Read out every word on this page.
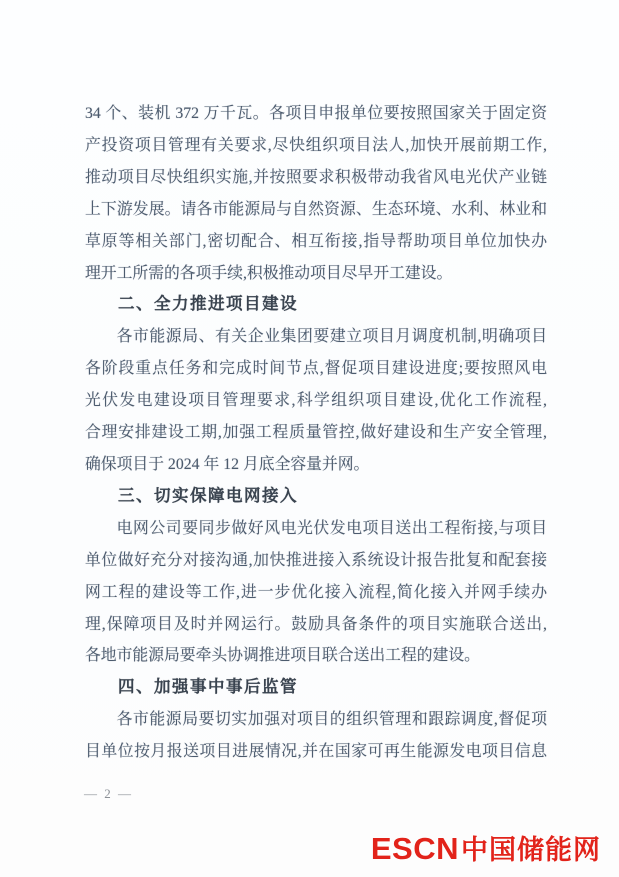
34 个、装机 372 万千瓦。各项目申报单位要按照国家关于固定资
产投资项目管理有关要求,尽快组织项目法人,加快开展前期工作,
推动项目尽快组织实施,并按照要求积极带动我省风电光伏产业链
上下游发展。请各市能源局与自然资源、生态环境、水利、林业和
草原等相关部门,密切配合、相互衔接,指导帮助项目单位加快办
理开工所需的各项手续,积极推动项目尽早开工建设。
二、全力推进项目建设
各市能源局、有关企业集团要建立项目月调度机制,明确项目
各阶段重点任务和完成时间节点,督促项目建设进度;要按照风电
光伏发电建设项目管理要求,科学组织项目建设,优化工作流程,
合理安排建设工期,加强工程质量管控,做好建设和生产安全管理,
确保项目于 2024 年 12 月底全容量并网。
三、切实保障电网接入
电网公司要同步做好风电光伏发电项目送出工程衔接,与项目
单位做好充分对接沟通,加快推进接入系统设计报告批复和配套接
网工程的建设等工作,进一步优化接入流程,简化接入并网手续办
理,保障项目及时并网运行。鼓励具备条件的项目实施联合送出,
各地市能源局要牵头协调推进项目联合送出工程的建设。
四、加强事中事后监管
各市能源局要切实加强对项目的组织管理和跟踪调度,督促项
目单位按月报送项目进展情况,并在国家可再生能源发电项目信息
— 2 —
ESCN 中国储能网
